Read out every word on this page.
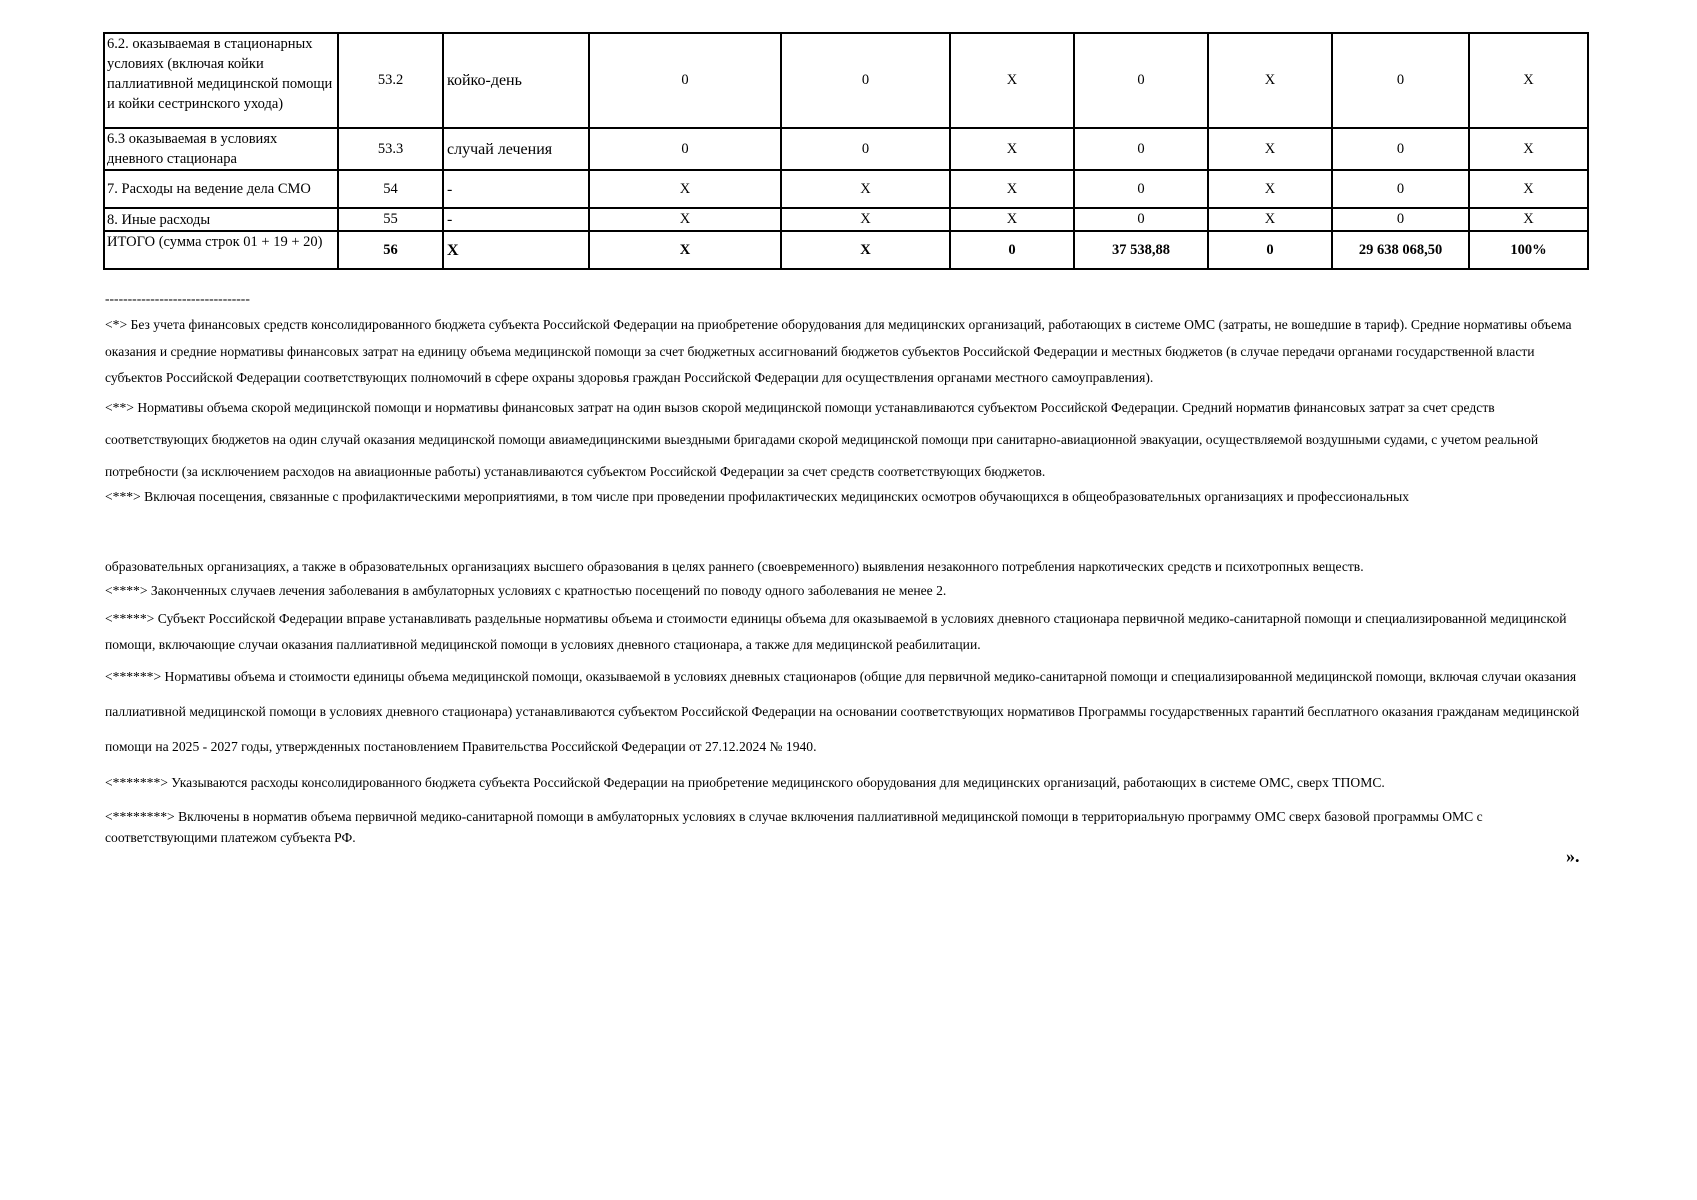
6.2. оказываемая в стационарных условиях (включая койки паллиативной медицинской помощи и койки сестринского ухода)	53.2	койко-день	0	0	X	0	X	0	X
6.3 оказываемая в условиях дневного стационара	53.3	случай лечения	0	0	X	0	X	0	X
7. Расходы на ведение дела СМО	54	-	X	X	X	0	X	0	X
8. Иные расходы	55	-	X	X	X	0	X	0	X
ИТОГО (сумма строк 01 + 19 + 20)	56	X	X	X	0	37 538,88	0	29 638 068,50	100%

--------------------------------

<*> Без учета финансовых средств консолидированного бюджета субъекта Российской Федерации на приобретение оборудования для медицинских организаций, работающих в системе ОМС (затраты, не вошедшие в тариф). Средние нормативы объема оказания и средние нормативы финансовых затрат на единицу объема медицинской помощи за счет бюджетных ассигнований бюджетов субъектов Российской Федерации и местных бюджетов (в случае передачи органами государственной власти субъектов Российской Федерации соответствующих полномочий в сфере охраны здоровья граждан Российской Федерации для осуществления органами местного самоуправления).

<**> Нормативы объема скорой медицинской помощи и нормативы финансовых затрат на один вызов скорой медицинской помощи устанавливаются субъектом Российской Федерации. Средний норматив финансовых затрат за счет средств соответствующих бюджетов на один случай оказания медицинской помощи авиамедицинскими выездными бригадами скорой медицинской помощи при санитарно-авиационной эвакуации, осуществляемой воздушными судами, с учетом реальной потребности (за исключением расходов на авиационные работы) устанавливаются субъектом Российской Федерации за счет средств соответствующих бюджетов.

<***> Включая посещения, связанные с профилактическими мероприятиями, в том числе при проведении профилактических медицинских осмотров обучающихся в общеобразовательных организациях и профессиональных

образовательных организациях, а также в образовательных организациях высшего образования в целях раннего (своевременного) выявления незаконного потребления наркотических средств и психотропных веществ.

<****> Законченных случаев лечения заболевания в амбулаторных условиях с кратностью посещений по поводу одного заболевания не менее 2.

<*****> Субъект Российской Федерации вправе устанавливать раздельные нормативы объема и стоимости единицы объема для оказываемой в условиях дневного стационара первичной медико-санитарной помощи и специализированной медицинской помощи, включающие случаи оказания паллиативной медицинской помощи в условиях дневного стационара, а также для медицинской реабилитации.

<******> Нормативы объема и стоимости единицы объема медицинской помощи, оказываемой в условиях дневных стационаров (общие для первичной медико-санитарной помощи и специализированной медицинской помощи, включая случаи оказания паллиативной медицинской помощи в условиях дневного стационара) устанавливаются субъектом Российской Федерации на основании соответствующих нормативов Программы государственных гарантий бесплатного оказания гражданам медицинской помощи на 2025 - 2027 годы, утвержденных постановлением Правительства Российской Федерации от 27.12.2024 № 1940.

<*******> Указываются расходы консолидированного бюджета субъекта Российской Федерации на приобретение медицинского оборудования для медицинских организаций, работающих в системе ОМС, сверх ТПОМС.

<********> Включены в норматив объема первичной медико-санитарной помощи в амбулаторных условиях в случае включения паллиативной медицинской помощи в территориальную программу ОМС сверх базовой программы ОМС с соответствующими платежом субъекта РФ.

».
